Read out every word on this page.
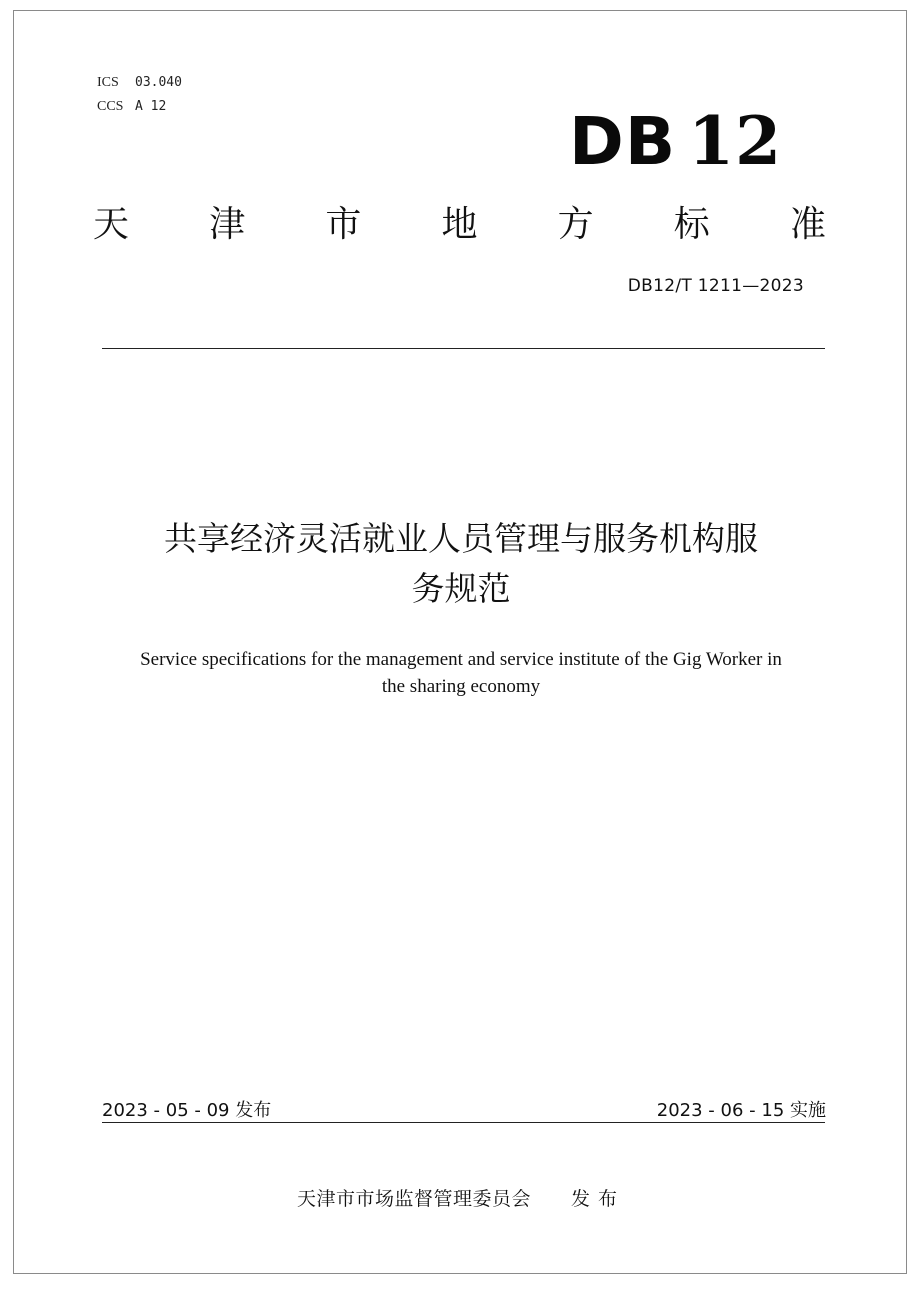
ICS 03.040
CCS A 12	DB 12
天 津 市 地 方 标 准
DB12/T 1211—2023
共享经济灵活就业人员管理与服务机构服
务规范
Service specifications for the management and service institute of the Gig Worker in
the sharing economy
2023 - 05 - 09 发布	2023 - 06 - 15 实施
天津市市场监督管理委员会 发布
